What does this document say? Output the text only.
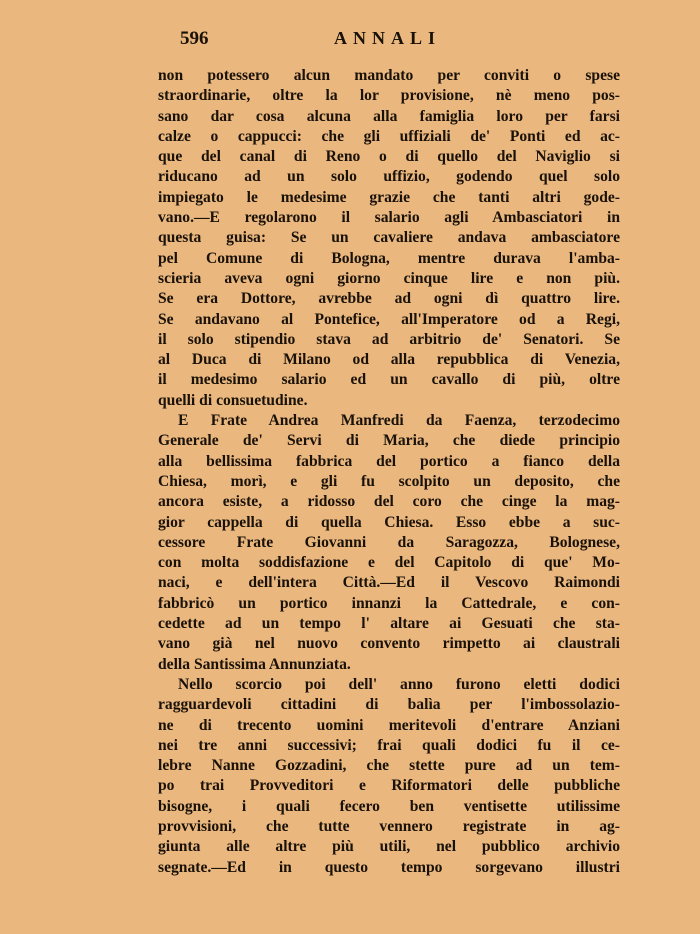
596	ANNALI
non potessero alcun mandato per conviti o spese
straordinarie, oltre la lor provisione, nè meno pos-
sano dar cosa alcuna alla famiglia loro per farsi
calze o cappucci: che gli uffiziali de' Ponti ed ac-
que del canal di Reno o di quello del Naviglio si
riducano ad un solo uffizio, godendo quel solo
impiegato le medesime grazie che tanti altri gode-
vano.—E regolarono il salario agli Ambasciatori in
questa guisa: Se un cavaliere andava ambasciatore
pel Comune di Bologna, mentre durava l'amba-
scieria aveva ogni giorno cinque lire e non più.
Se era Dottore, avrebbe ad ogni dì quattro lire.
Se andavano al Pontefice, all'Imperatore od a Regi,
il solo stipendio stava ad arbitrio de' Senatori. Se
al Duca di Milano od alla repubblica di Venezia,
il medesimo salario ed un cavallo di più, oltre
quelli di consuetudine.
E Frate Andrea Manfredi da Faenza, terzodecimo
Generale de' Servi di Maria, che diede principio
alla bellissima fabbrica del portico a fianco della
Chiesa, morì, e gli fu scolpito un deposito, che
ancora esiste, a ridosso del coro che cinge la mag-
gior cappella di quella Chiesa. Esso ebbe a suc-
cessore Frate Giovanni da Saragozza, Bolognese,
con molta soddisfazione e del Capitolo di que' Mo-
naci, e dell'intera Città.—Ed il Vescovo Raimondi
fabbricò un portico innanzi la Cattedrale, e con-
cedette ad un tempo l' altare ai Gesuati che sta-
vano già nel nuovo convento rimpetto ai claustrali
della Santissima Annunziata.
Nello scorcio poi dell' anno furono eletti dodici
ragguardevoli cittadini di balìa per l'imbossolazio-
ne di trecento uomini meritevoli d'entrare Anziani
nei tre anni successivi; frai quali dodici fu il ce-
lebre Nanne Gozzadini, che stette pure ad un tem-
po trai Provveditori e Riformatori delle pubbliche
bisogne, i quali fecero ben ventisette utilissime
provvisioni, che tutte vennero registrate in ag-
giunta alle altre più utili, nel pubblico archivio
segnate.—Ed in questo tempo sorgevano illustri
